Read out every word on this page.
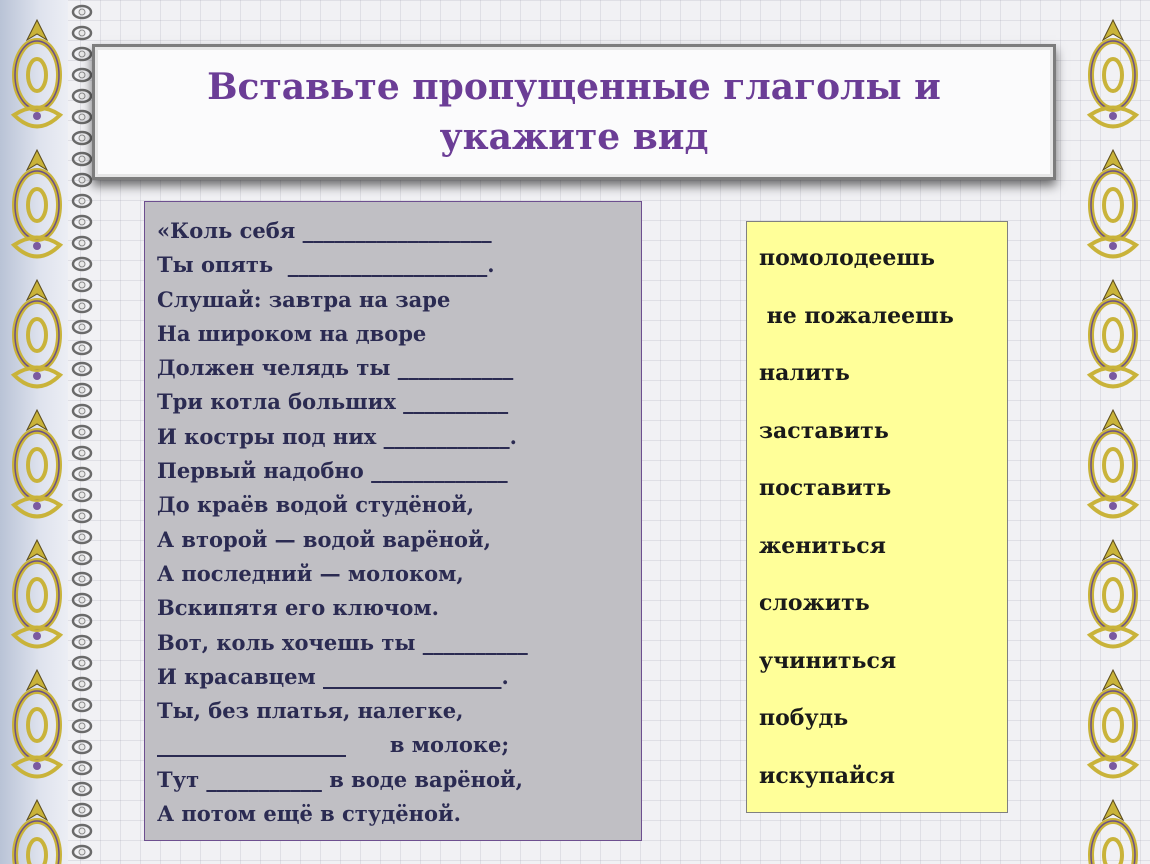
Вставьте пропущенные глаголы и укажите вид
«Коль себя __________________
Ты опять  ___________________.
Слушай: завтра на заре
На широком на дворе
Должен челядь ты ___________
Три котла больших __________
И костры под них ____________.
Первый надобно _____________
До краёв водой студёной,
А второй — водой варёной,
А последний — молоком,
Вскипятя его ключом.
Вот, коль хочешь ты __________
И красавцем _________________.
Ты, без платья, налегке,
__________________      в молоке;
Тут ___________ в воде варёной,
А потом ещё в студёной.
помолодеешь
не пожалеешь
налить
заставить
поставить
жениться
сложить
учиниться
побудь
искупайся
